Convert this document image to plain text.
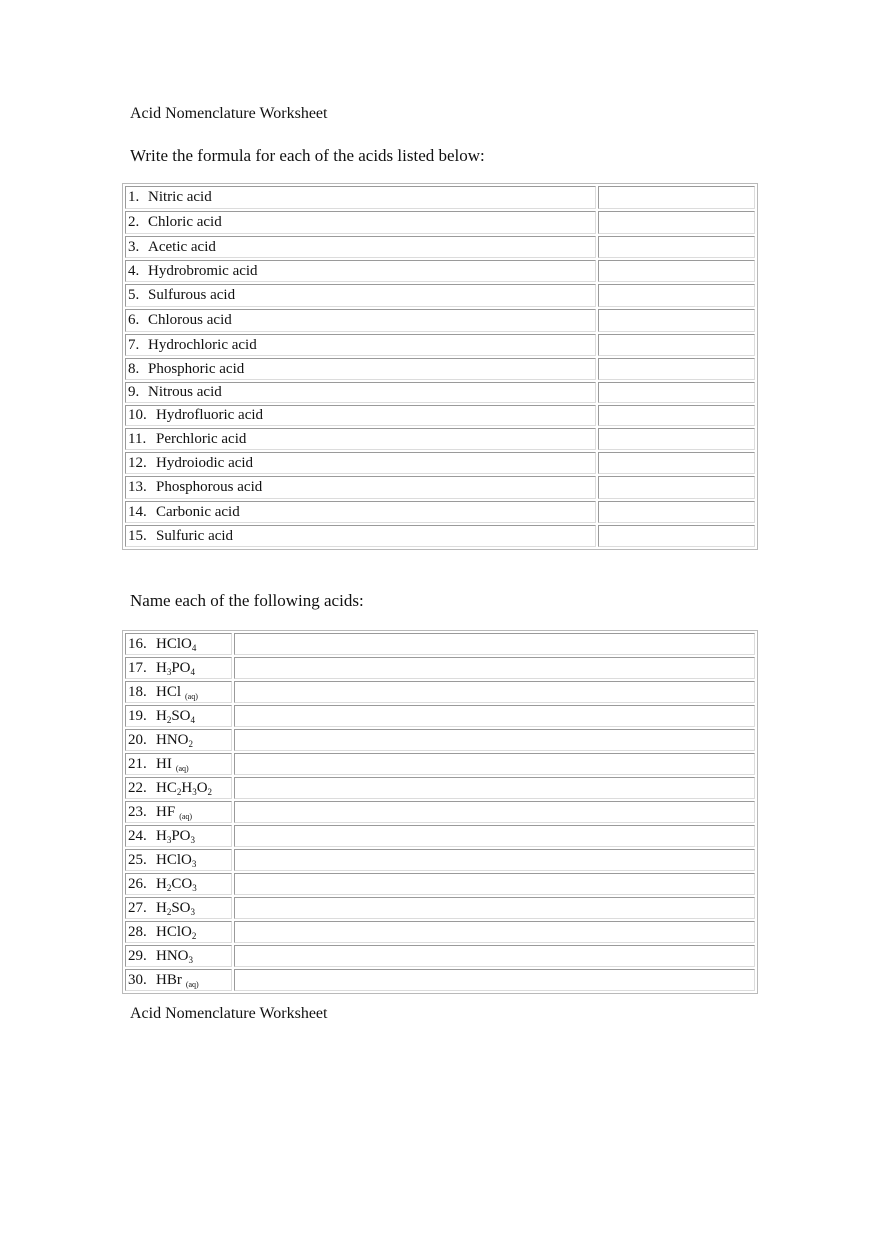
Acid Nomenclature Worksheet
Write the formula for each of the acids listed below:
1. Nitric acid	
2. Chloric acid	
3. Acetic acid	
4. Hydrobromic acid	
5. Sulfurous acid	
6. Chlorous acid	
7. Hydrochloric acid	
8. Phosphoric acid	
9. Nitrous acid	
10. Hydrofluoric acid	
11. Perchloric acid	
12. Hydroiodic acid	
13. Phosphorous acid	
14. Carbonic acid	
15. Sulfuric acid	
Name each of the following acids:
16. HClO$_4$	
17. $H_3PO_4$	
18. HCl $_{(aq)}$	
19. $H_2SO_4$	
20. $HNO_2$	
21. HI $_{(aq)}$	
22. $HC_2H_3O_2$	
23. HF $_{(aq)}$	
24. $H_3PO_3$	
25. HClO$_3$	
26. $H_2CO_3$	
27. $H_2SO_3$	
28. HClO$_2$	
29. $HNO_3$	
30. HBr $_{(aq)}$	
Acid Nomenclature Worksheet
